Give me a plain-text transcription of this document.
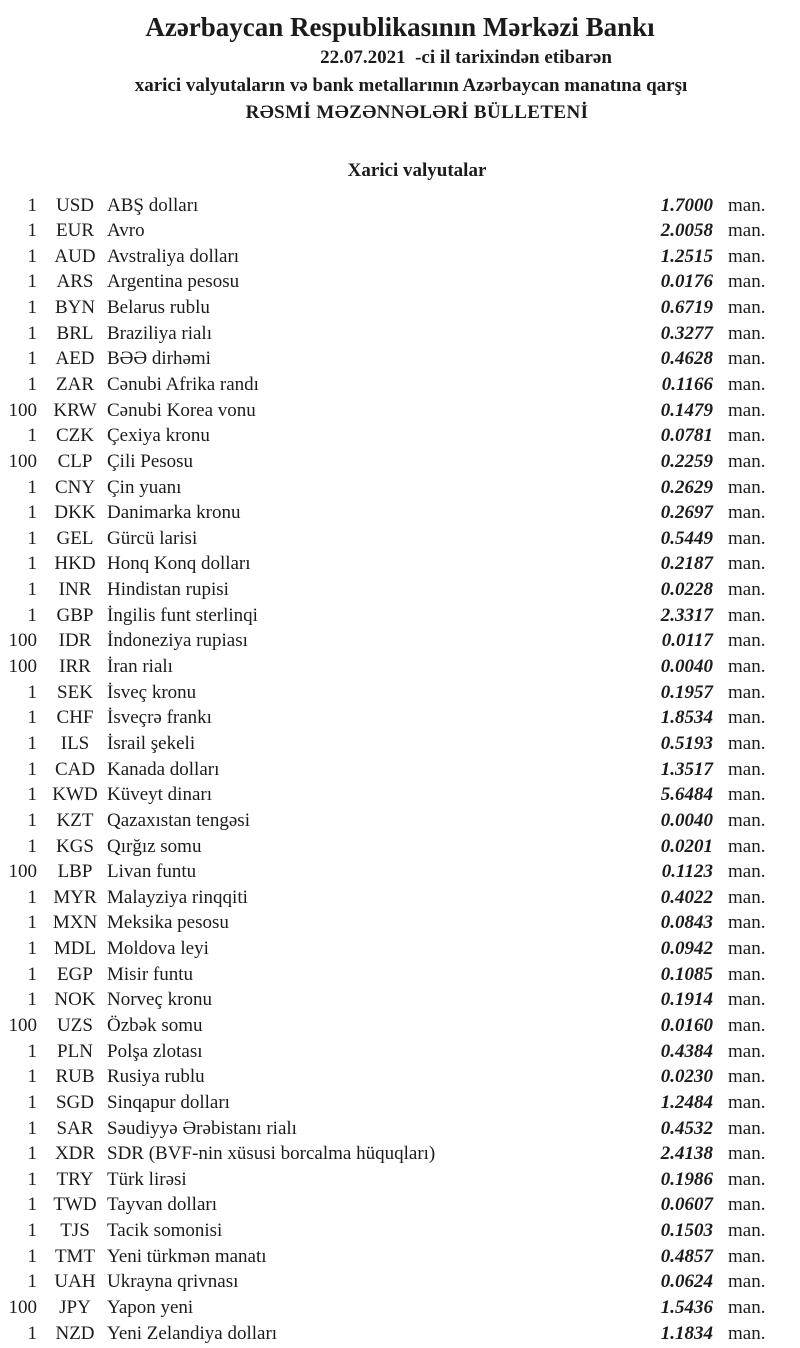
Azərbaycan Respublikasının Mərkəzi Bankı
22.07.2021  -ci il tarixindən etibarən
xarici valyutaların və bank metallarının Azərbaycan manatına qarşı
RƏSMİ MƏZƏNNƏLƏRİ BÜLLETENİ
Xarici valyutalar
1 USD ABŞ dolları	1.7000 man.
1	EUR Avro	2.0058 man.
1 AUD Avstraliya dolları	1.2515 man.
1	ARS Argentina pesosu	0.0176 man.
1 BYN Belarus rublu	0.6719 man.
1	BRL Braziliya rialı	0.3277 man.
1 AED BƏƏ dirhəmi	0.4628 man.
1	ZAR Cənubi Afrika randı	0.1166 man.
100 KRW Cənubi Korea vonu	0.1479 man.
1	CZK Çexiya kronu	0.0781 man.
100	CLP Çili Pesosu	0.2259 man.
1 CNY Çin yuanı	0.2629 man.
1 DKK Danimarka kronu	0.2697 man.
1	GEL Gürcü larisi	0.5449 man.
1 HKD Honq Konq dolları	0.2187 man.
1	INR Hindistan rupisi	0.0228 man.
1	GBP İngilis funt sterlinqi	2.3317 man.
100	IDR İndoneziya rupiası	0.0117 man.
100	IRR İran rialı	0.0040 man.
1	SEK İsveç kronu	0.1957 man.
1	CHF İsveçrə frankı	1.8534 man.
1	ILS İsrail şekeli	0.5193 man.
1 CAD Kanada dolları	1.3517 man.
1 KWD Küveyt dinarı	5.6484 man.
1	KZT Qazaxıstan tengəsi	0.0040 man.
1 KGS Qırğız somu	0.0201 man.
100	LBP Livan funtu	0.1123 man.
1 MYR Malayziya rinqqiti	0.4022 man.
1 MXN Meksika pesosu	0.0843 man.
1 MDL Moldova leyi	0.0942 man.
1	EGP Misir funtu	0.1085 man.
1 NOK Norveç kronu	0.1914 man.
100	UZS Özbək somu	0.0160 man.
1	PLN Polşa zlotası	0.4384 man.
1 RUB Rusiya rublu	0.0230 man.
1 SGD Sinqapur dolları	1.2484 man.
1	SAR Səudiyyə Ərəbistanı rialı	0.4532 man.
1 XDR SDR (BVF-nin xüsusi borcalma hüquqları)	2.4138 man.
1	TRY Türk lirəsi	0.1986 man.
1 TWD Tayvan dolları	0.0607 man.
1	TJS Tacik somonisi	0.1503 man.
1 TMT Yeni türkmən manatı	0.4857 man.
1 UAH Ukrayna qrivnası	0.0624 man.
100	JPY Yapon yeni	1.5436 man.
1 NZD Yeni Zelandiya dolları	1.1834 man.
